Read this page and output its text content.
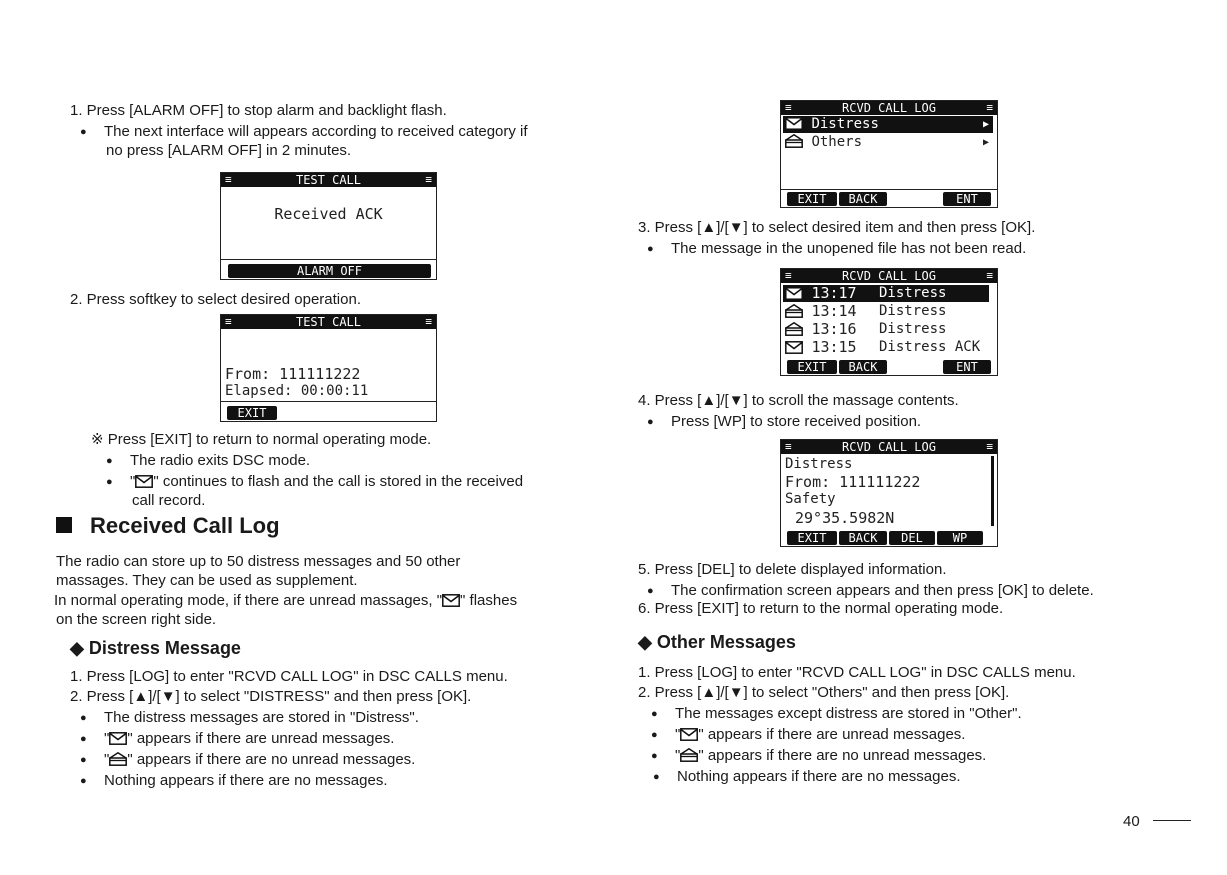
1. Press [ALARM OFF] to stop alarm and backlight flash.
● The next interface will appears according to received category if
no press [ALARM OFF] in 2 minutes.
≡	TEST CALL	≡
Received ACK
ALARM OFF
2. Press softkey to select desired operation.
≡	TEST CALL	≡
From: 111111222
Elapsed: 00:00:11
EXIT
※ Press [EXIT] to return to normal operating mode.
● The radio exits DSC mode.
● " " continues to flash and the call is stored in the received
call record.
Received Call Log
The radio can store up to 50 distress messages and 50 other
massages. They can be used as supplement.
In normal operating mode, if there are unread massages, " " flashes
on the screen right side.
◆ Distress Message
1. Press [LOG] to enter "RCVD CALL LOG" in DSC CALLS menu.
2. Press [▲]/[▼] to select "DISTRESS" and then press [OK].
● The distress messages are stored in "Distress".
● " " appears if there are unread messages.
● " " appears if there are no unread messages.
● Nothing appears if there are no messages.
≡	RCVD CALL LOG	≡
Distress	▶
Others	▶
EXIT	BACK	ENT
3. Press [▲]/[▼] to select desired item and then press [OK].
● The message in the unopened file has not been read.
≡	RCVD CALL LOG	≡
13:17 Distress
13:14 Distress
13:16 Distress
13:15 Distress ACK
EXIT	BACK	ENT
4. Press [▲]/[▼] to scroll the massage contents.
● Press [WP] to store received position.
≡	RCVD CALL LOG	≡
Distress
From: 111111222
Safety
29°35.5982N
EXIT	BACK	DEL	WP
5. Press [DEL] to delete displayed information.
● The confirmation screen appears and then press [OK] to delete.
6. Press [EXIT] to return to the normal operating mode.
◆ Other Messages
1. Press [LOG] to enter "RCVD CALL LOG" in DSC CALLS menu.
2. Press [▲]/[▼] to select "Others" and then press [OK].
● The messages except distress are stored in "Other".
● " " appears if there are unread messages.
● " " appears if there are no unread messages.
● Nothing appears if there are no messages.
40
